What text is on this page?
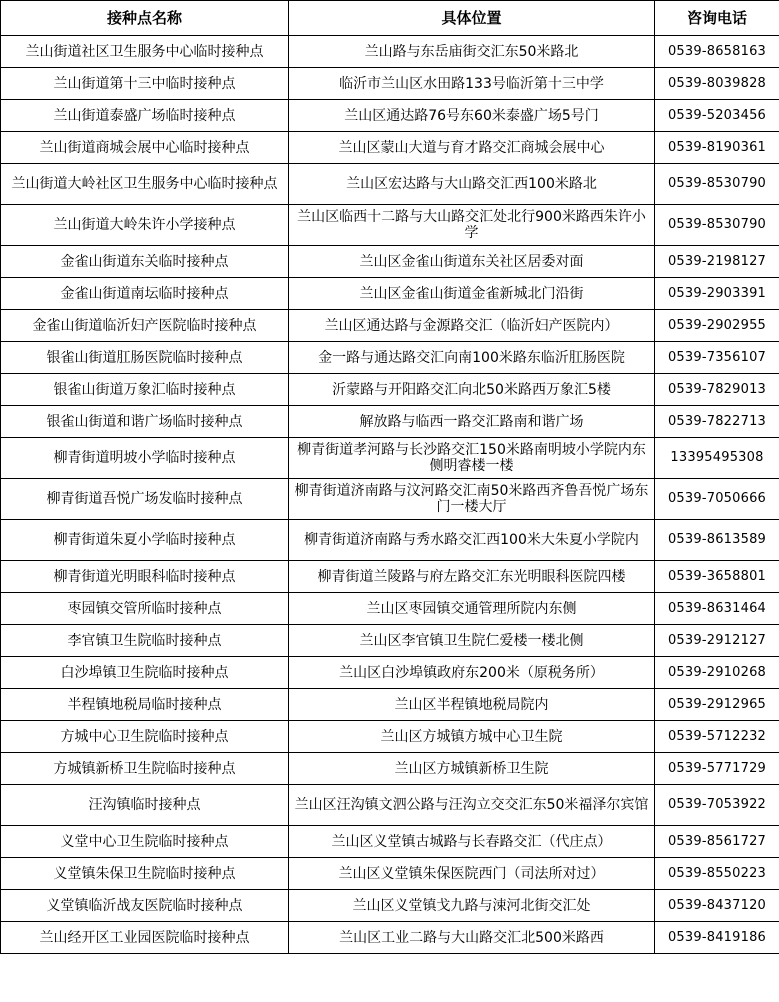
接种点名称	具体位置	咨询电话
兰山街道社区卫生服务中心临时接种点	兰山路与东岳庙街交汇东50米路北	0539-8658163
兰山街道第十三中临时接种点	临沂市兰山区水田路133号临沂第十三中学	0539-8039828
兰山街道泰盛广场临时接种点	兰山区通达路76号东60米泰盛广场5号门	0539-5203456
兰山街道商城会展中心临时接种点	兰山区蒙山大道与育才路交汇商城会展中心	0539-8190361
兰山街道大岭社区卫生服务中心临时接种点	兰山区宏达路与大山路交汇西100米路北	0539-8530790
兰山街道大岭朱许小学接种点	兰山区临西十二路与大山路交汇处北行900米路西朱许小学	0539-8530790
金雀山街道东关临时接种点	兰山区金雀山街道东关社区居委对面	0539-2198127
金雀山街道南坛临时接种点	兰山区金雀山街道金雀新城北门沿街	0539-2903391
金雀山街道临沂妇产医院临时接种点	兰山区通达路与金源路交汇（临沂妇产医院内）	0539-2902955
银雀山街道肛肠医院临时接种点	金一路与通达路交汇向南100米路东临沂肛肠医院	0539-7356107
银雀山街道万象汇临时接种点	沂蒙路与开阳路交汇向北50米路西万象汇5楼	0539-7829013
银雀山街道和谐广场临时接种点	解放路与临西一路交汇路南和谐广场	0539-7822713
柳青街道明坡小学临时接种点	柳青街道孝河路与长沙路交汇150米路南明坡小学院内东侧明睿楼一楼	13395495308
柳青街道吾悦广场发临时接种点	柳青街道济南路与汶河路交汇南50米路西齐鲁吾悦广场东门一楼大厅	0539-7050666
柳青街道朱夏小学临时接种点	柳青街道济南路与秀水路交汇西100米大朱夏小学院内	0539-8613589
柳青街道光明眼科临时接种点	柳青街道兰陵路与府左路交汇东光明眼科医院四楼	0539-3658801
枣园镇交管所临时接种点	兰山区枣园镇交通管理所院内东侧	0539-8631464
李官镇卫生院临时接种点	兰山区李官镇卫生院仁爱楼一楼北侧	0539-2912127
白沙埠镇卫生院临时接种点	兰山区白沙埠镇政府东200米（原税务所）	0539-2910268
半程镇地税局临时接种点	兰山区半程镇地税局院内	0539-2912965
方城中心卫生院临时接种点	兰山区方城镇方城中心卫生院	0539-5712232
方城镇新桥卫生院临时接种点	兰山区方城镇新桥卫生院	0539-5771729
汪沟镇临时接种点	兰山区汪沟镇文泗公路与汪沟立交交汇东50米福泽尔宾馆	0539-7053922
义堂中心卫生院临时接种点	兰山区义堂镇古城路与长春路交汇（代庄点）	0539-8561727
义堂镇朱保卫生院临时接种点	兰山区义堂镇朱保医院西门（司法所对过）	0539-8550223
义堂镇临沂战友医院临时接种点	兰山区义堂镇戈九路与涑河北街交汇处	0539-8437120
兰山经开区工业园医院临时接种点	兰山区工业二路与大山路交汇北500米路西	0539-8419186
